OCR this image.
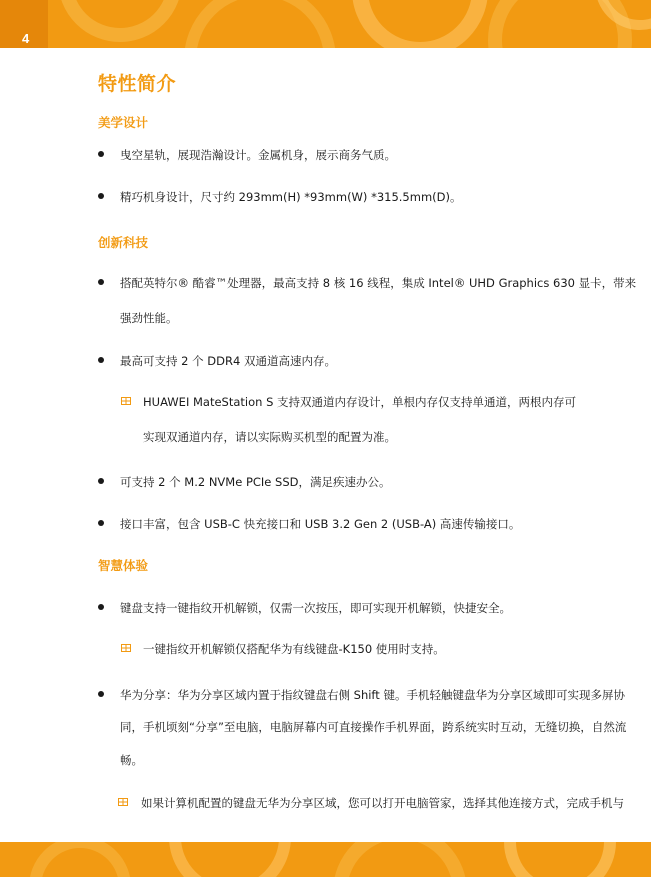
4
特性简介
美学设计
曳空星轨，展现浩瀚设计。金属机身，展示商务气质。
精巧机身设计，尺寸约 293mm(H) *93mm(W) *315.5mm(D)。
创新科技
搭配英特尔® 酷睿™处理器，最高支持 8 核 16 线程，集成 Intel® UHD Graphics 630 显卡，带来
强劲性能。
最高可支持 2 个 DDR4 双通道高速内存。
HUAWEI MateStation S 支持双通道内存设计，单根内存仅支持单通道，两根内存可
实现双通道内存，请以实际购买机型的配置为准。
可支持 2 个 M.2 NVMe PCIe SSD，满足疾速办公。
接口丰富，包含 USB-C 快充接口和 USB 3.2 Gen 2 (USB-A) 高速传输接口。
智慧体验
键盘支持一键指纹开机解锁，仅需一次按压，即可实现开机解锁，快捷安全。
一键指纹开机解锁仅搭配华为有线键盘-K150 使用时支持。
华为分享：华为分享区域内置于指纹键盘右侧 Shift 键。手机轻触键盘华为分享区域即可实现多屏协
同，手机顷刻“分享”至电脑，电脑屏幕内可直接操作手机界面，跨系统实时互动，无缝切换，自然流
畅。
如果计算机配置的键盘无华为分享区域，您可以打开电脑管家，选择其他连接方式，完成手机与
